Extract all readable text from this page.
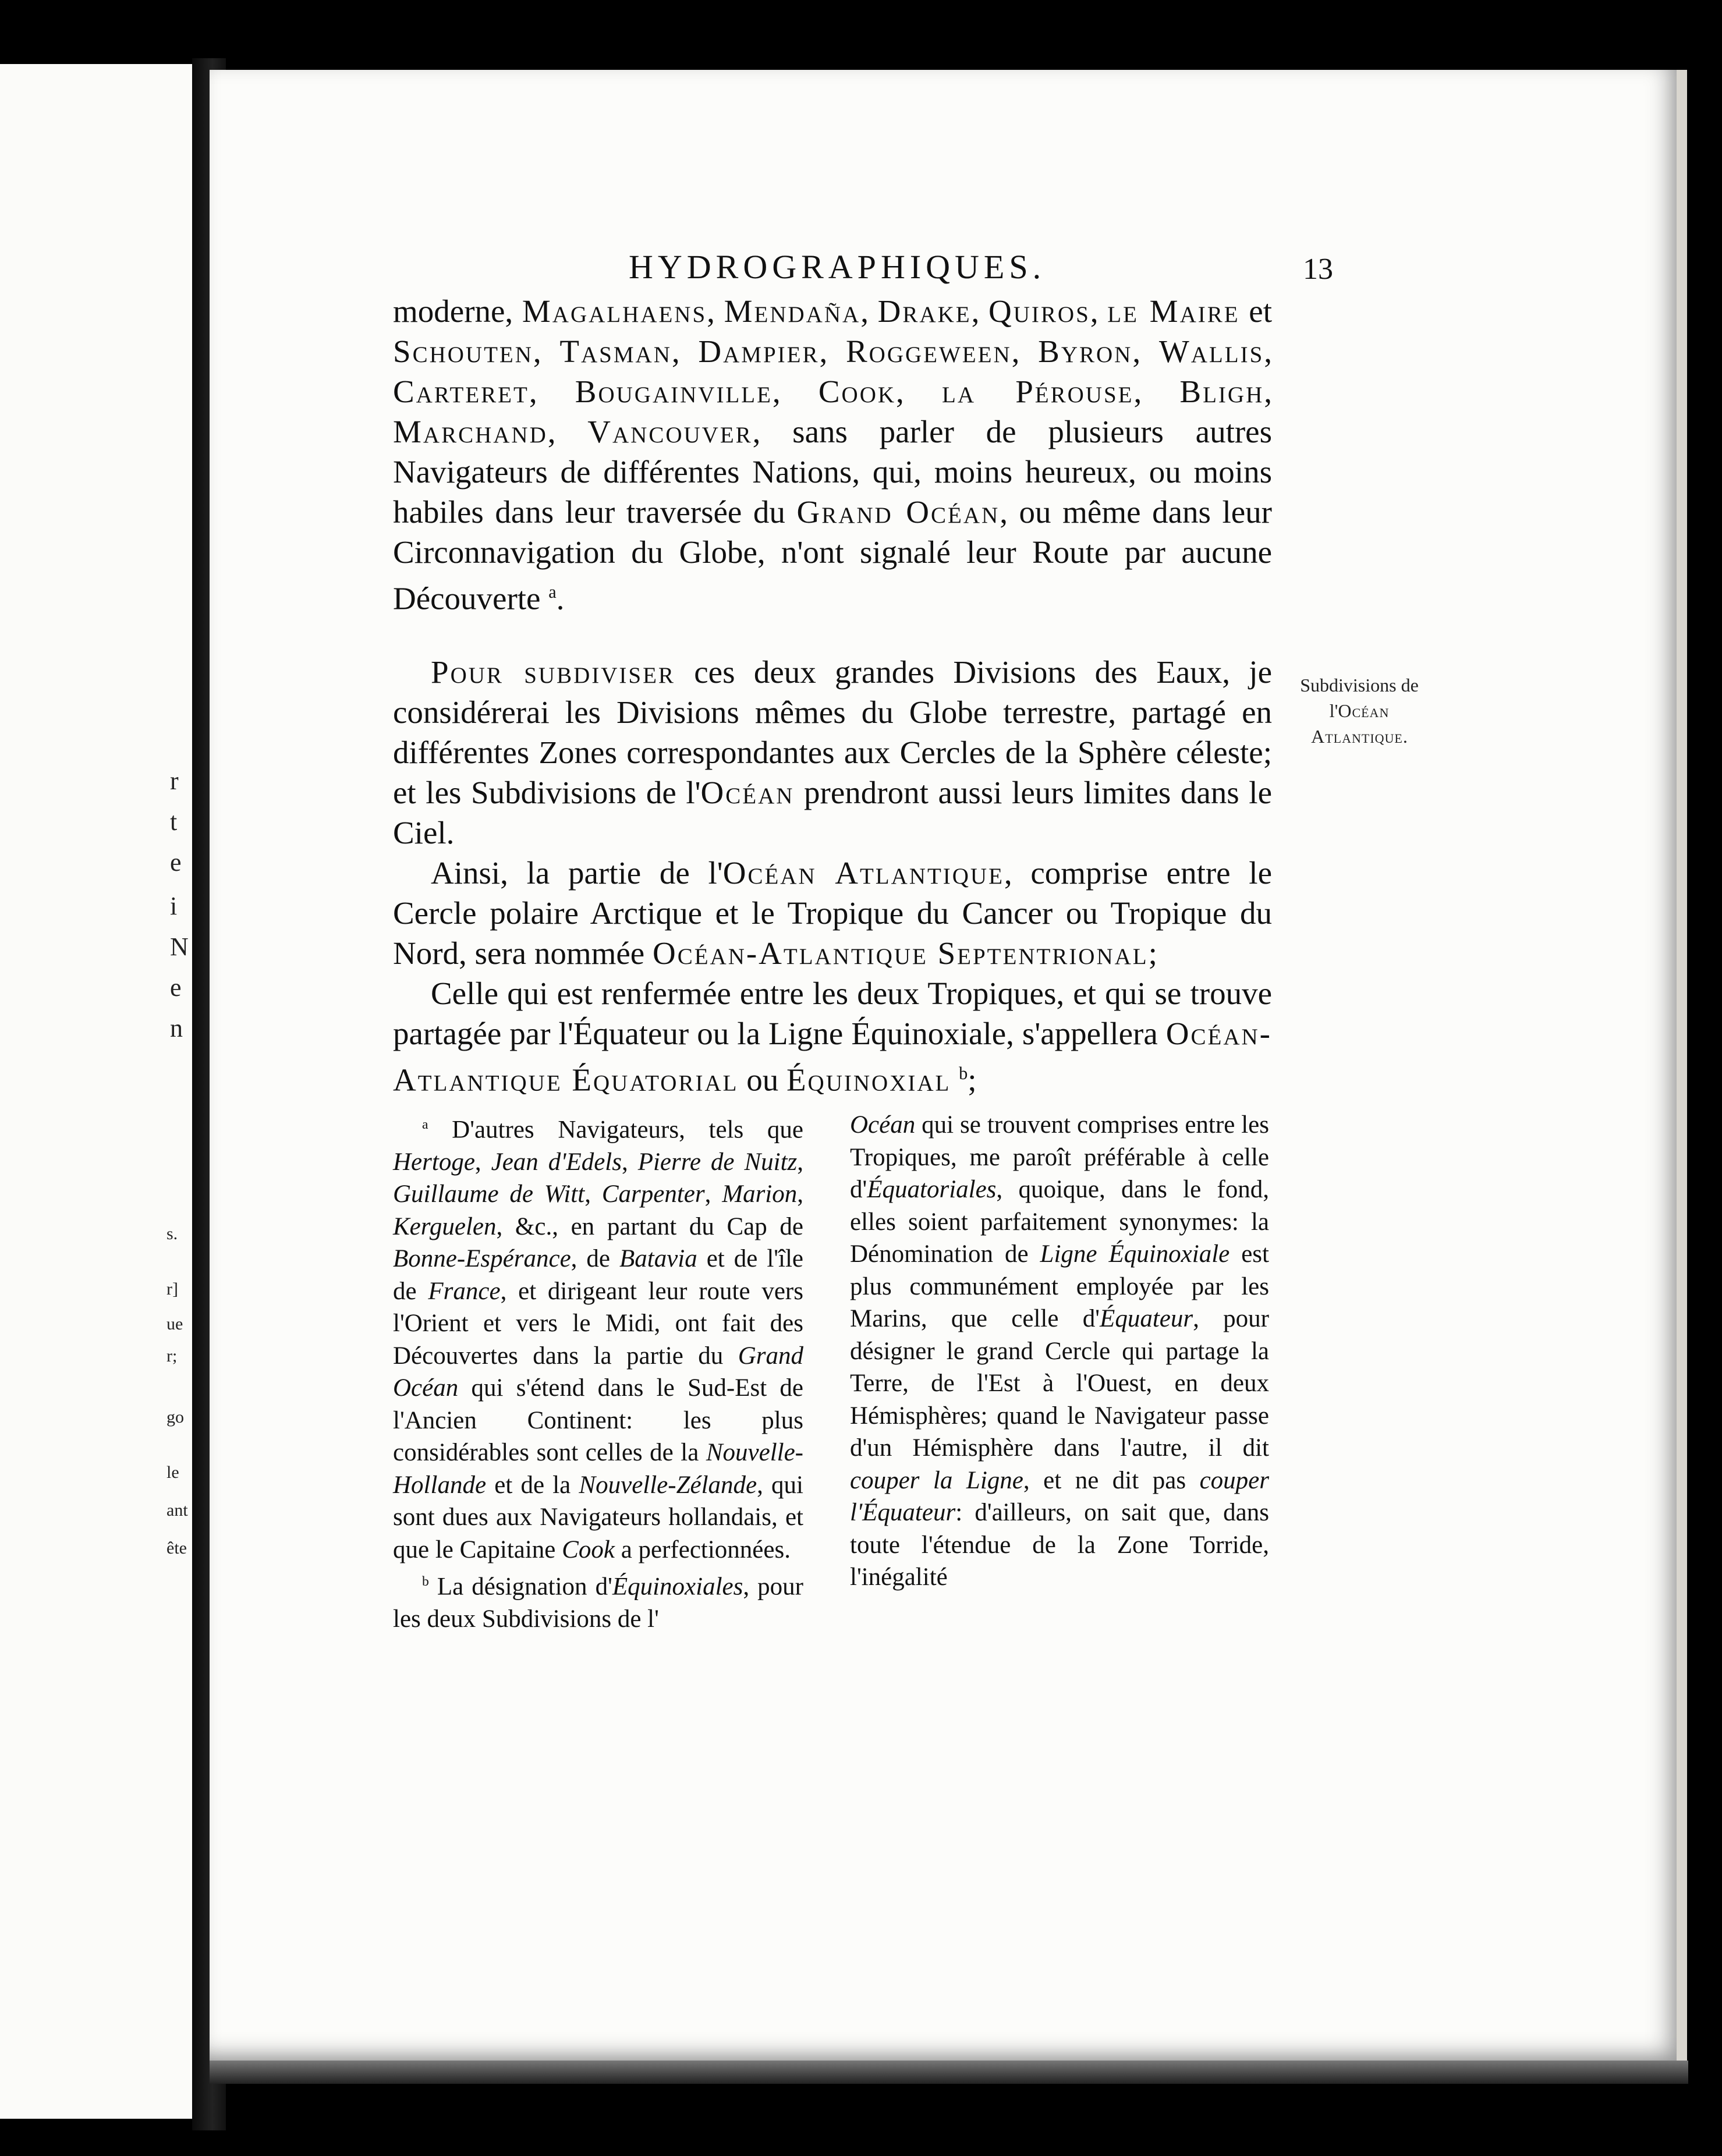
r
t
e
i
N
e
n
s.
r]
ue
r;
go
le
ant
ête
HYDROGRAPHIQUES.	13

moderne, Magalhaens, Mendaña, Drake, Quiros, le Maire et Schouten, Tasman, Dampier, Roggeween, Byron, Wallis, Carteret, Bougainville, Cook, la Pérouse, Bligh, Marchand, Vancouver, sans parler de plusieurs autres Navigateurs de différentes Nations, qui, moins heureux, ou moins habiles dans leur traversée du Grand Océan, ou même dans leur Circonnavigation du Globe, n'ont signalé leur Route par aucune Découverte $^a$.

Pour subdiviser ces deux grandes Divisions des Eaux, je considérerai les Divisions mêmes du Globe terrestre, partagé en différentes Zones correspondantes aux Cercles de la Sphère céleste; et les Subdivisions de l'Océan prendront aussi leurs limites dans le Ciel.

Ainsi, la partie de l'Océan Atlantique, comprise entre le Cercle polaire Arctique et le Tropique du Cancer ou Tropique du Nord, sera nommée Océan-Atlantique Septentrional;

Celle qui est renfermée entre les deux Tropiques, et qui se trouve partagée par l'Équateur ou la Ligne Équinoxiale, s'appellera Océan-Atlantique Équatorial ou Équinoxial $^b$;

Subdivisions de l'Océan Atlantique.

$^a$ D'autres Navigateurs, tels que Hertoge, Jean d'Edels, Pierre de Nuitz, Guillaume de Witt, Carpenter, Marion, Kerguelen, &c., en partant du Cap de Bonne-Espérance, de Batavia et de l'île de France, et dirigeant leur route vers l'Orient et vers le Midi, ont fait des Découvertes dans la partie du Grand Océan qui s'étend dans le Sud-Est de l'Ancien Continent: les plus considérables sont celles de la Nouvelle-Hollande et de la Nouvelle-Zélande, qui sont dues aux Navigateurs hollandais, et que le Capitaine Cook a perfectionnées.

$^b$ La désignation d'Équinoxiales, pour les deux Subdivisions de l'

Océan qui se trouvent comprises entre les Tropiques, me paroît préférable à celle d'Équatoriales, quoique, dans le fond, elles soient parfaitement synonymes: la Dénomination de Ligne Équinoxiale est plus communément employée par les Marins, que celle d'Équateur, pour désigner le grand Cercle qui partage la Terre, de l'Est à l'Ouest, en deux Hémisphères; quand le Navigateur passe d'un Hémisphère dans l'autre, il dit couper la Ligne, et ne dit pas couper l'Équateur: d'ailleurs, on sait que, dans toute l'étendue de la Zone Torride, l'inégalité
